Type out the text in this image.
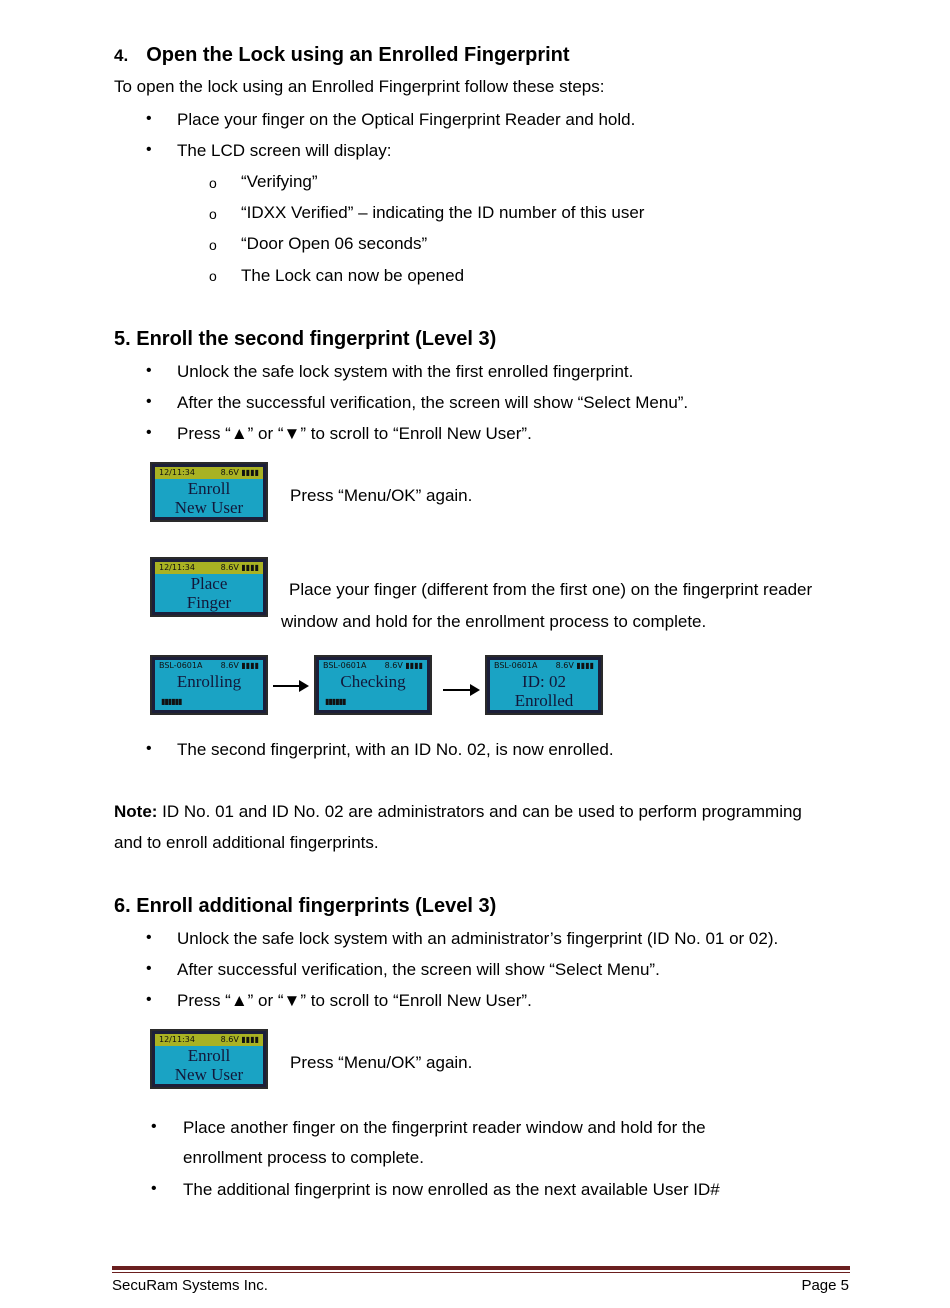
4. Open the Lock using an Enrolled Fingerprint
To open the lock using an Enrolled Fingerprint follow these steps:
• Place your finger on the Optical Fingerprint Reader and hold.
• The LCD screen will display:
o “Verifying”
o “IDXX Verified” – indicating the ID number of this user
o “Door Open 06 seconds”
o The Lock can now be opened
5. Enroll the second fingerprint (Level 3)
• Unlock the safe lock system with the first enrolled fingerprint.
• After the successful verification, the screen will show “Select Menu”.
• Press “▲” or “▼” to scroll to “Enroll New User”.
12/11:34	8.6V ▮▮▮▮
Enroll
New User
Press “Menu/OK” again.
12/11:34	8.6V ▮▮▮▮
Place
Finger
Place your finger (different from the first one) on the fingerprint reader
window and hold for the enrollment process to complete.
BSL-0601A 8.6V ▮▮▮▮
Enrolling
▮▮▮▮▮▮
BSL-0601A 8.6V ▮▮▮▮
Checking
▮▮▮▮▮▮
BSL-0601A 8.6V ▮▮▮▮
ID: 02
Enrolled
• The second fingerprint, with an ID No. 02, is now enrolled.
Note: ID No. 01 and ID No. 02 are administrators and can be used to perform programming
and to enroll additional fingerprints.
6. Enroll additional fingerprints (Level 3)
• Unlock the safe lock system with an administrator’s fingerprint (ID No. 01 or 02).
• After successful verification, the screen will show “Select Menu”.
• Press “▲” or “▼” to scroll to “Enroll New User”.
12/11:34	8.6V ▮▮▮▮
Enroll
New User
Press “Menu/OK” again.
• Place another finger on the fingerprint reader window and hold for the
enrollment process to complete.
• The additional fingerprint is now enrolled as the next available User ID#
SecuRam Systems Inc.	Page 5
